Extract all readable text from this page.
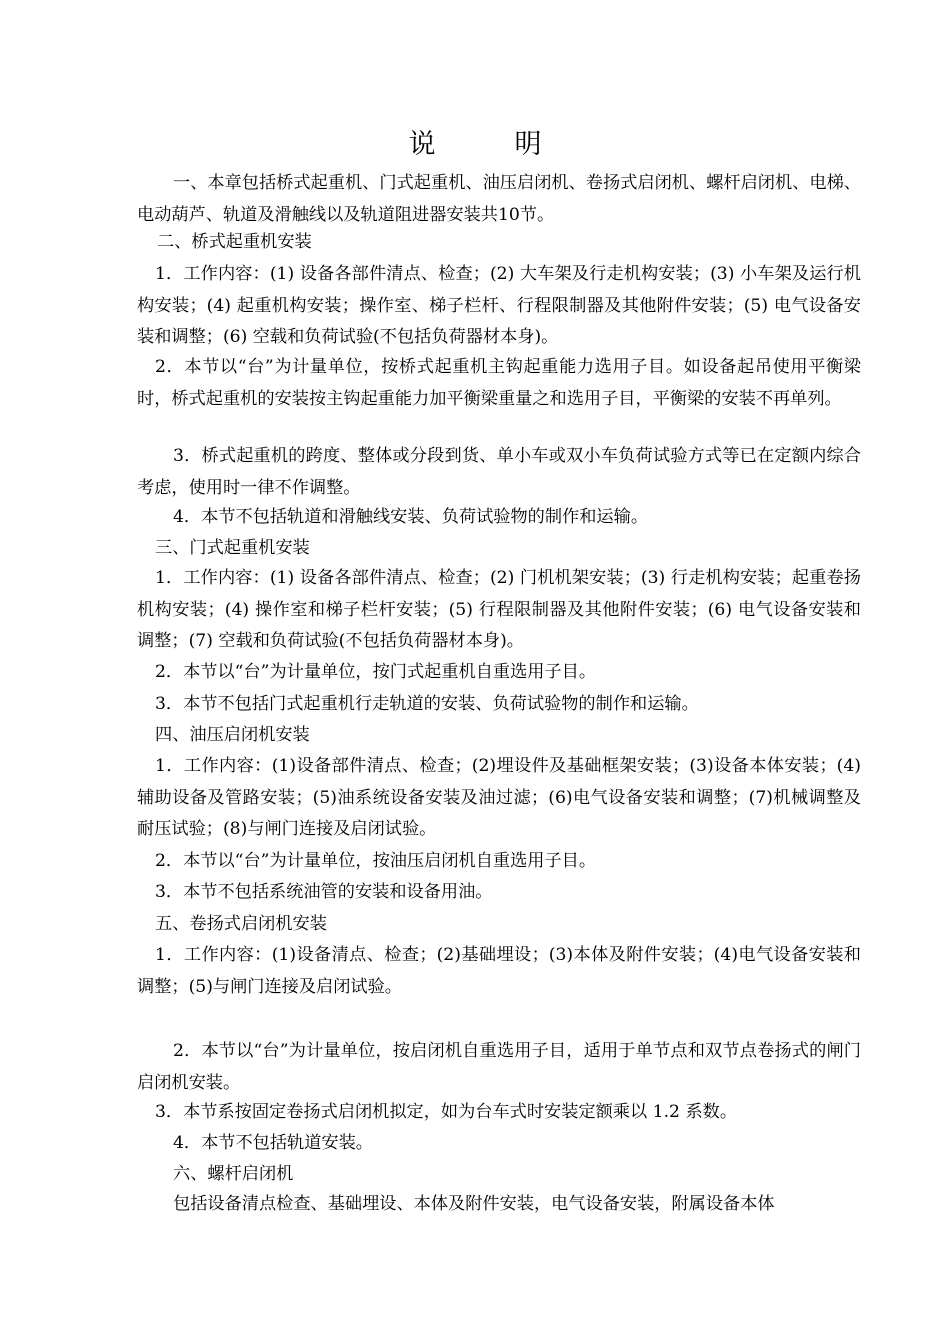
说　明

一、本章包括桥式起重机、门式起重机、油压启闭机、卷扬式启闭机、螺杆启闭机、电梯、电动葫芦、轨道及滑触线以及轨道阻进器安装共10节。

二、桥式起重机安装

1．工作内容：(1) 设备各部件清点、检查；(2) 大车架及行走机构安装；(3) 小车架及运行机构安装；(4) 起重机构安装；操作室、梯子栏杆、行程限制器及其他附件安装；(5) 电气设备安装和调整；(6) 空载和负荷试验(不包括负荷器材本身)。

2．本节以“台”为计量单位，按桥式起重机主钩起重能力选用子目。如设备起吊使用平衡梁时，桥式起重机的安装按主钩起重能力加平衡梁重量之和选用子目，平衡梁的安装不再单列。

3．桥式起重机的跨度、整体或分段到货、单小车或双小车负荷试验方式等已在定额内综合考虑，使用时一律不作调整。

4．本节不包括轨道和滑触线安装、负荷试验物的制作和运输。

三、门式起重机安装

1．工作内容：(1) 设备各部件清点、检查；(2) 门机机架安装；(3) 行走机构安装；起重卷扬机构安装；(4) 操作室和梯子栏杆安装；(5) 行程限制器及其他附件安装；(6) 电气设备安装和调整；(7) 空载和负荷试验(不包括负荷器材本身)。

2．本节以“台”为计量单位，按门式起重机自重选用子目。

3．本节不包括门式起重机行走轨道的安装、负荷试验物的制作和运输。

四、油压启闭机安装

1．工作内容：(1)设备部件清点、检查；(2)埋设件及基础框架安装；(3)设备本体安装；(4)辅助设备及管路安装；(5)油系统设备安装及油过滤；(6)电气设备安装和调整；(7)机械调整及耐压试验；(8)与闸门连接及启闭试验。

2．本节以“台”为计量单位，按油压启闭机自重选用子目。

3．本节不包括系统油管的安装和设备用油。

五、卷扬式启闭机安装

1．工作内容：(1)设备清点、检查；(2)基础埋设；(3)本体及附件安装；(4)电气设备安装和调整；(5)与闸门连接及启闭试验。

2．本节以“台”为计量单位，按启闭机自重选用子目，适用于单节点和双节点卷扬式的闸门启闭机安装。

3．本节系按固定卷扬式启闭机拟定，如为台车式时安装定额乘以 1.2 系数。

4．本节不包括轨道安装。

六、螺杆启闭机

包括设备清点检查、基础埋设、本体及附件安装，电气设备安装，附属设备本体
